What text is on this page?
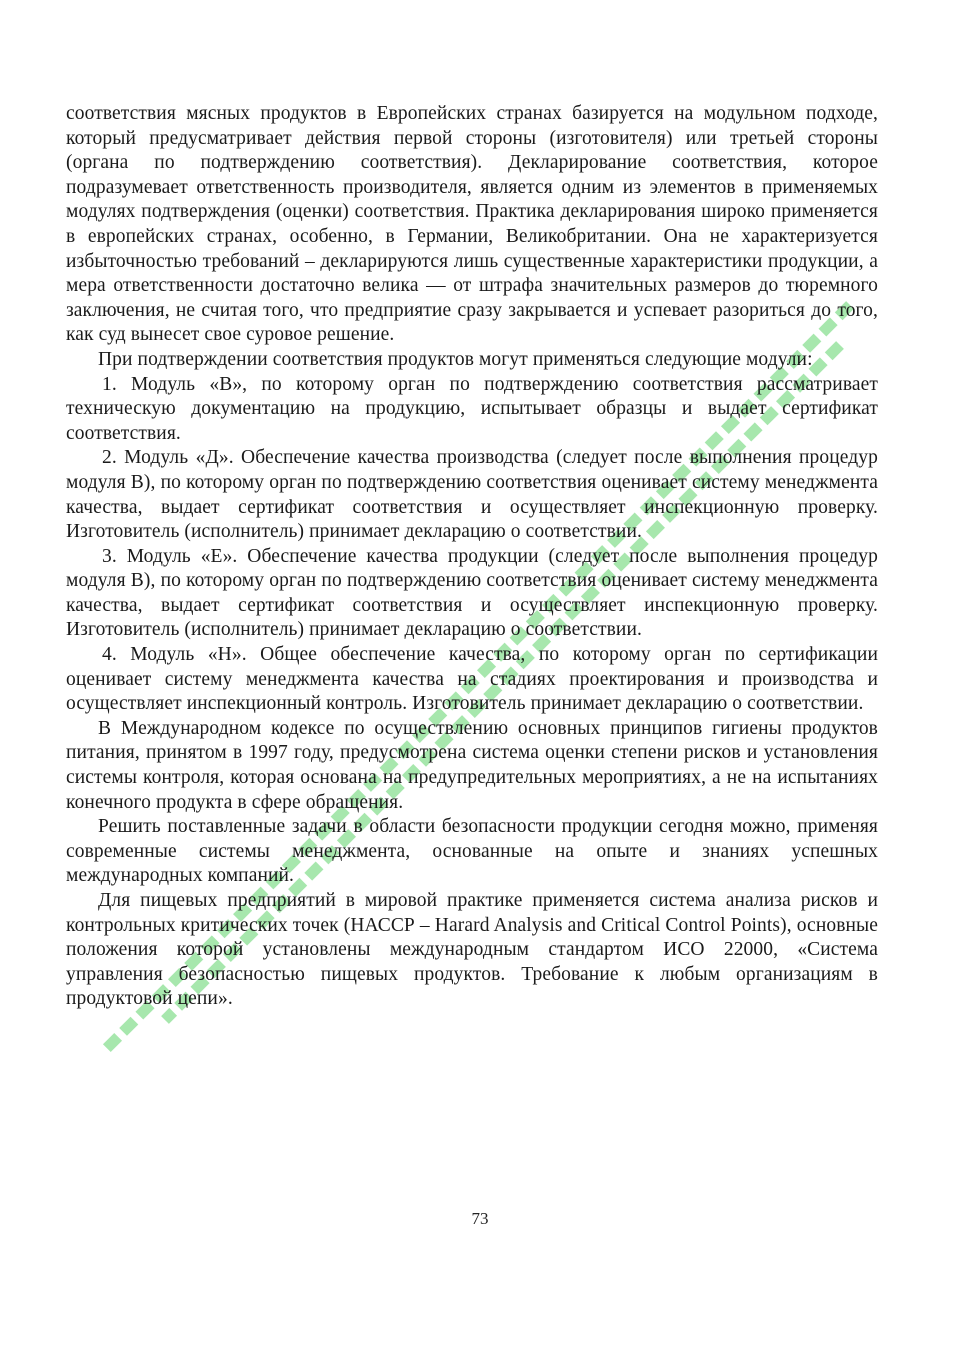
соответствия мясных продуктов в Европейских странах базируется на модульном подходе, который предусматривает действия первой стороны (изготовителя) или третьей стороны (органа по подтверждению соответствия). Декларирование соответствия, которое подразумевает ответственность производителя, является одним из элементов в применяемых модулях подтверждения (оценки) соответствия. Практика декларирования широко применяется в европейских странах, особенно, в Германии, Великобритании. Она не характеризуется избыточностью требований – декларируются лишь существенные характеристики продукции, а мера ответственности достаточно велика — от штрафа значительных размеров до тюремного заключения, не считая того, что предприятие сразу закрывается и успевает разориться до того, как суд вынесет свое суровое решение.

При подтверждении соответствия продуктов могут применяться следующие модули:

1. Модуль «В», по которому орган по подтверждению соответствия рассматривает техническую документацию на продукцию, испытывает образцы и выдает сертификат соответствия.

2. Модуль «Д». Обеспечение качества производства (следует после выполнения процедур модуля В), по которому орган по подтверждению соответствия оценивает систему менеджмента качества, выдает сертификат соответствия и осуществляет инспекционную проверку. Изготовитель (исполнитель) принимает декларацию о соответствии.

3. Модуль «Е». Обеспечение качества продукции (следует после выполнения процедур модуля В), по которому орган по подтверждению соответствия оценивает систему менеджмента качества, выдает сертификат соответствия и осуществляет инспекционную проверку. Изготовитель (исполнитель) принимает декларацию о соответствии.

4. Модуль «Н». Общее обеспечение качества, по которому орган по сертификации оценивает систему менеджмента качества на стадиях проектирования и производства и осуществляет инспекционный контроль. Изготовитель принимает декларацию о соответствии.

В Международном кодексе по осуществлению основных принципов гигиены продуктов питания, принятом в 1997 году, предусмотрена система оценки степени рисков и установления системы контроля, которая основана на предупредительных мероприятиях, а не на испытаниях конечного продукта в сфере обращения.

Решить поставленные задачи в области безопасности продукции сегодня можно, применяя современные системы менеджмента, основанные на опыте и знаниях успешных международных компаний.

Для пищевых предприятий в мировой практике применяется система анализа рисков и контрольных критических точек (НАССР – Harard Analysis and Critical Control Points), основные положения которой установлены международным стандартом ИСО 22000, «Система управления безопасностью пищевых продуктов. Требование к любым организациям в продуктовой цепи».

73
